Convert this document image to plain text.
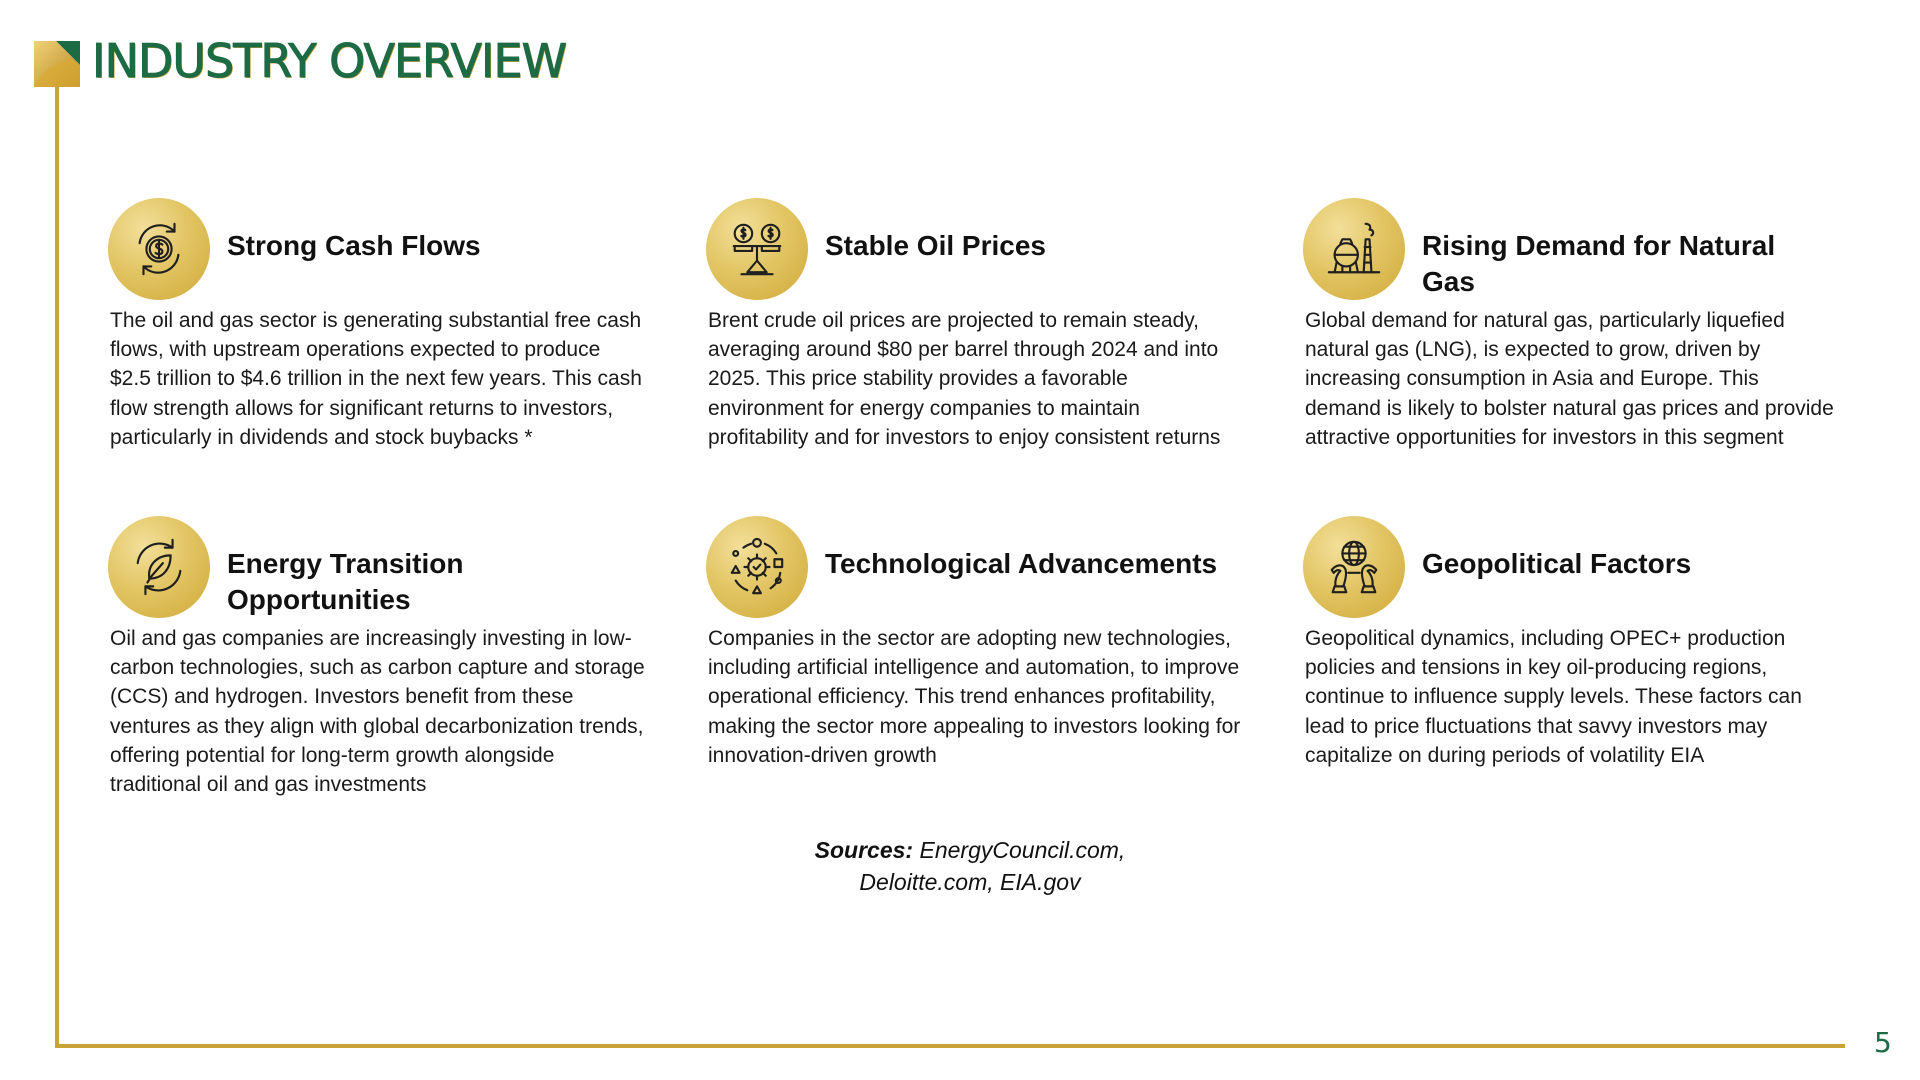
INDUSTRY OVERVIEW
Strong Cash Flows

The oil and gas sector is generating substantial free cash flows, with upstream operations expected to produce $2.5 trillion to $4.6 trillion in the next few years. This cash flow strength allows for significant returns to investors, particularly in dividends and stock buybacks *

Stable Oil Prices

Brent crude oil prices are projected to remain steady, averaging around $80 per barrel through 2024 and into 2025. This price stability provides a favorable environment for energy companies to maintain profitability and for investors to enjoy consistent returns

Rising Demand for Natural Gas

Global demand for natural gas, particularly liquefied natural gas (LNG), is expected to grow, driven by increasing consumption in Asia and Europe. This demand is likely to bolster natural gas prices and provide attractive opportunities for investors in this segment

Energy Transition Opportunities

Oil and gas companies are increasingly investing in low-carbon technologies, such as carbon capture and storage (CCS) and hydrogen. Investors benefit from these ventures as they align with global decarbonization trends, offering potential for long-term growth alongside traditional oil and gas investments

Technological Advancements

Companies in the sector are adopting new technologies, including artificial intelligence and automation, to improve operational efficiency. This trend enhances profitability, making the sector more appealing to investors looking for innovation-driven growth

Geopolitical Factors

Geopolitical dynamics, including OPEC+ production policies and tensions in key oil-producing regions, continue to influence supply levels. These factors can lead to price fluctuations that savvy investors may capitalize on during periods of volatility EIA

Sources: EnergyCouncil.com, Deloitte.com, EIA.gov
5
